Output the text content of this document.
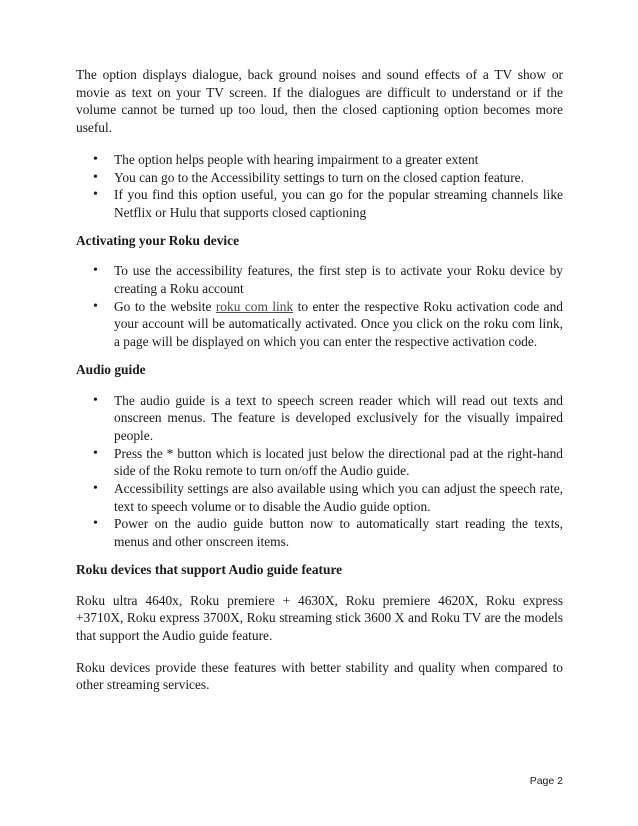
The option displays dialogue, back ground noises and sound effects of a TV show or movie as text on your TV screen. If the dialogues are difficult to understand or if the volume cannot be turned up too loud, then the closed captioning option becomes more useful.

• The option helps people with hearing impairment to a greater extent
• You can go to the Accessibility settings to turn on the closed caption feature.
• If you find this option useful, you can go for the popular streaming channels like Netflix or Hulu that supports closed captioning
Activating your Roku device
• To use the accessibility features, the first step is to activate your Roku device by creating a Roku account
• Go to the website roku com link to enter the respective Roku activation code and your account will be automatically activated. Once you click on the roku com link, a page will be displayed on which you can enter the respective activation code.
Audio guide
• The audio guide is a text to speech screen reader which will read out texts and onscreen menus. The feature is developed exclusively for the visually impaired people.
• Press the * button which is located just below the directional pad at the right-hand side of the Roku remote to turn on/off the Audio guide.
• Accessibility settings are also available using which you can adjust the speech rate, text to speech volume or to disable the Audio guide option.
• Power on the audio guide button now to automatically start reading the texts, menus and other onscreen items.
Roku devices that support Audio guide feature

Roku ultra 4640x, Roku premiere + 4630X, Roku premiere 4620X, Roku express +3710X, Roku express 3700X, Roku streaming stick 3600 X and Roku TV are the models that support the Audio guide feature.

Roku devices provide these features with better stability and quality when compared to other streaming services.

Page 2
